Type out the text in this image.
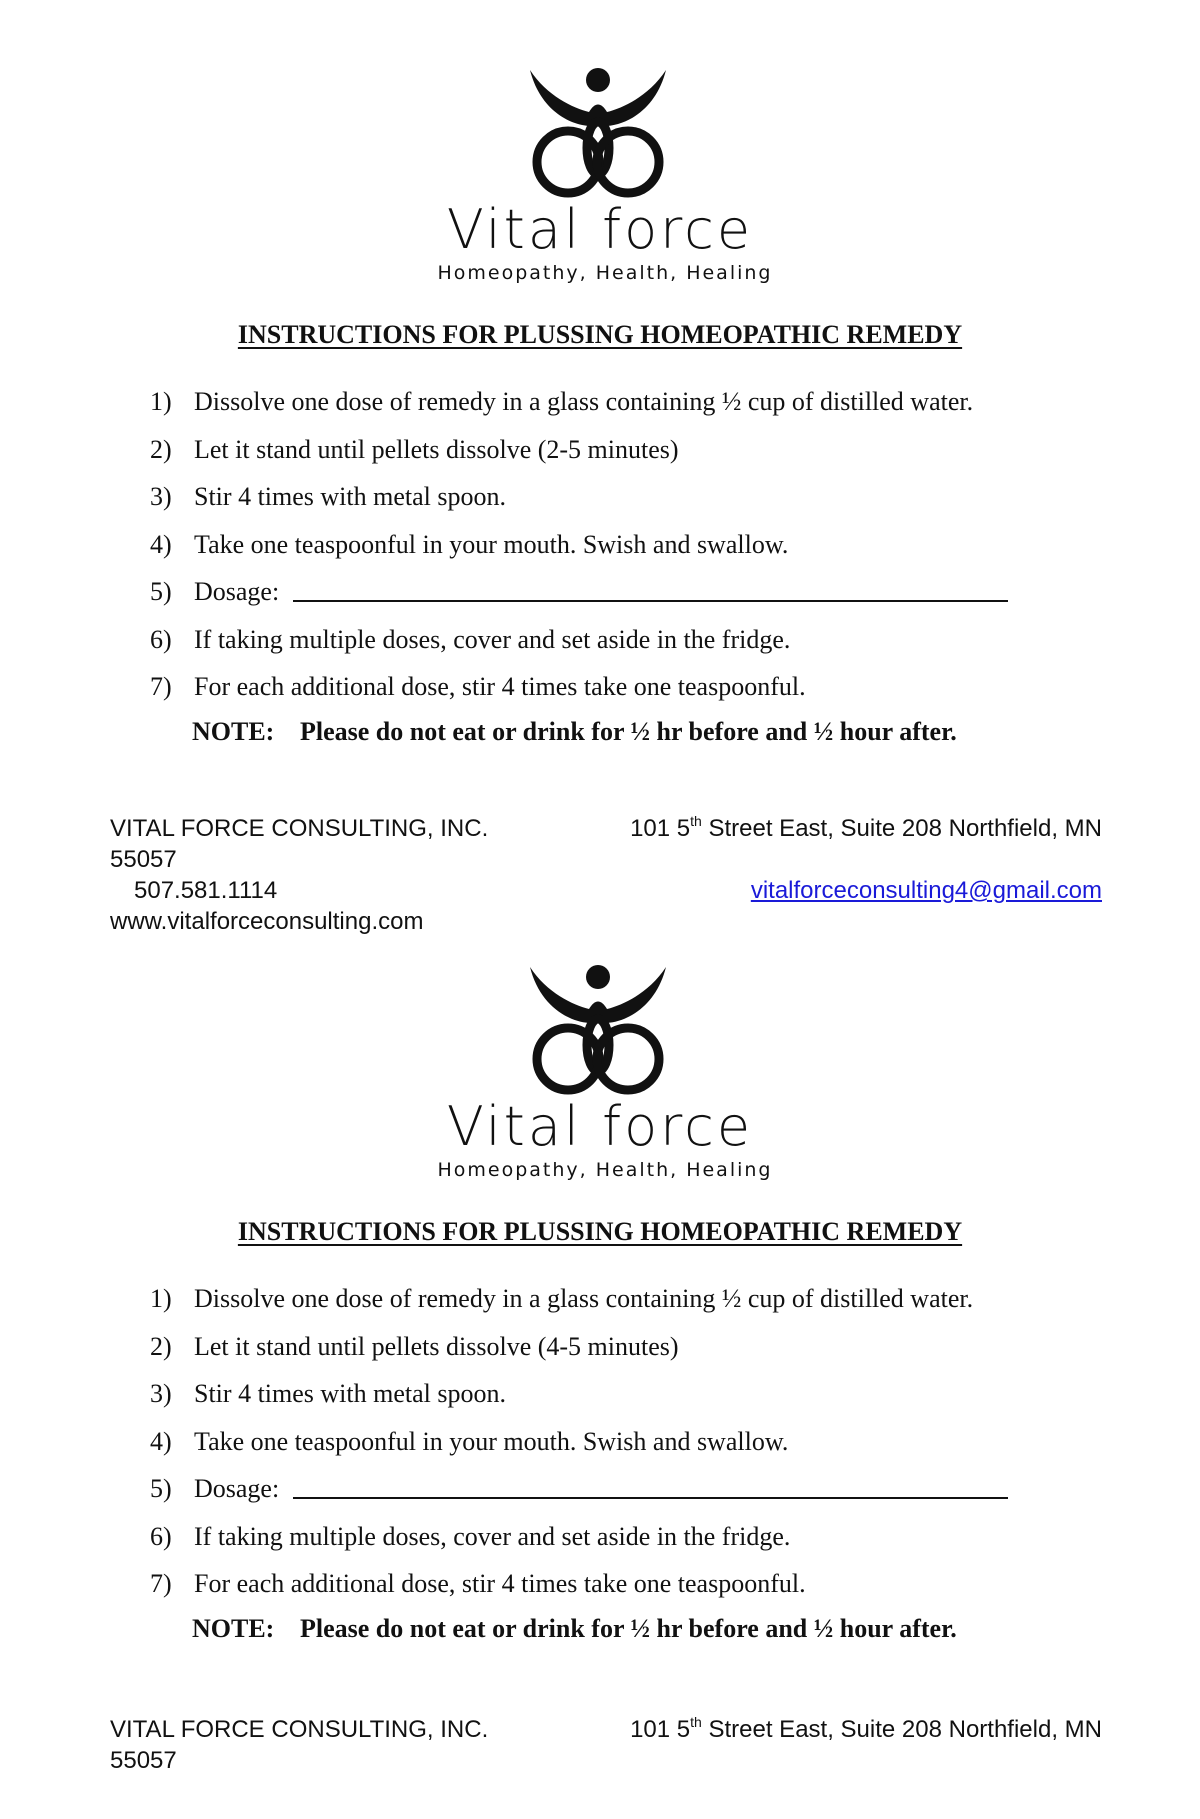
Vital force
Homeopathy, Health, Healing
INSTRUCTIONS FOR PLUSSING HOMEOPATHIC REMEDY
1) Dissolve one dose of remedy in a glass containing ½ cup of distilled water.
2) Let it stand until pellets dissolve (2-5 minutes)
3) Stir 4 times with metal spoon.
4) Take one teaspoonful in your mouth. Swish and swallow.
5) Dosage:
6) If taking multiple doses, cover and set aside in the fridge.
7) For each additional dose, stir 4 times take one teaspoonful.
NOTE: Please do not eat or drink for ½ hr before and ½ hour after.
VITAL FORCE CONSULTING, INC.	101 5th Street East, Suite 208 Northfield, MN
55057
507.581.1114	vitalforceconsulting4@gmail.com
www.vitalforceconsulting.com
Vital force
Homeopathy, Health, Healing
INSTRUCTIONS FOR PLUSSING HOMEOPATHIC REMEDY
1) Dissolve one dose of remedy in a glass containing ½ cup of distilled water.
2) Let it stand until pellets dissolve (4-5 minutes)
3) Stir 4 times with metal spoon.
4) Take one teaspoonful in your mouth. Swish and swallow.
5) Dosage:
6) If taking multiple doses, cover and set aside in the fridge.
7) For each additional dose, stir 4 times take one teaspoonful.
NOTE: Please do not eat or drink for ½ hr before and ½ hour after.
VITAL FORCE CONSULTING, INC.	101 5th Street East, Suite 208 Northfield, MN
55057
